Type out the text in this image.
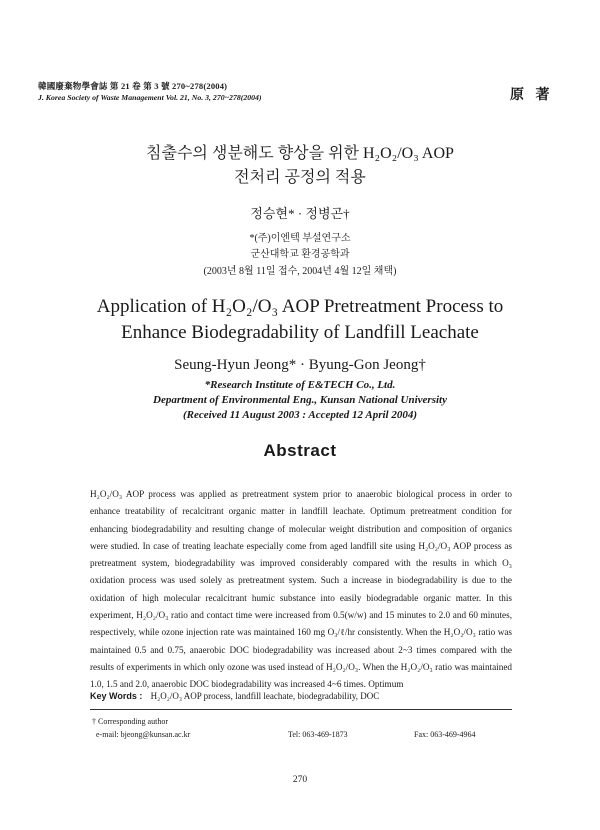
韓國廢棄物學會誌 第 21 卷 第 3 號 270~278(2004)
J. Korea Society of Waste Management Vol. 21, No. 3, 270~278(2004)	原 著
침출수의 생분해도 향상을 위한 H₂O₂/O₃ AOP
전처리 공정의 적용
정승현* · 정병곤†
*(주)이엔텍 부설연구소
군산대학교 환경공학과
(2003년 8월 11일 접수, 2004년 4월 12일 채택)
Application of H₂O₂/O₃ AOP Pretreatment Process to
Enhance Biodegradability of Landfill Leachate
Seung-Hyun Jeong* · Byung-Gon Jeong†
*Research Institute of E&TECH Co., Ltd.
Department of Environmental Eng., Kunsan National University
(Received 11 August 2003 : Accepted 12 April 2004)
Abstract

H₂O₂/O₃ AOP process was applied as pretreatment system prior to anaerobic biological process in order to enhance treatability of recalcitrant organic matter in landfill leachate. Optimum pretreatment condition for enhancing biodegradability and resulting change of molecular weight distribution and composition of organics were studied. In case of treating leachate especially come from aged landfill site using H₂O₂/O₃ AOP process as pretreatment system, biodegradability was improved considerably compared with the results in which O₃ oxidation process was used solely as pretreatment system. Such a increase in biodegradability is due to the oxidation of high molecular recalcitrant humic substance into easily biodegradable organic matter. In this experiment, H₂O₂/O₃ ratio and contact time were increased from 0.5(w/w) and 15 minutes to 2.0 and 60 minutes, respectively, while ozone injection rate was maintained 160 mg O₃/ℓ/hr consistently. When the H₂O₂/O₃ ratio was maintained 0.5 and 0.75, anaerobic DOC biodegradability was increased about 2~3 times compared with the results of experiments in which only ozone was used instead of H₂O₂/O₃. When the H₂O₂/O₃ ratio was maintained 1.0, 1.5 and 2.0, anaerobic DOC biodegradability was increased 4~6 times. Optimum

Key Words : H₂O₂/O₃ AOP process, landfill leachate, biodegradability, DOC
† Corresponding author
e-mail: bjeong@kunsan.ac.kr	Tel: 063-469-1873	Fax: 063-469-4964
270
